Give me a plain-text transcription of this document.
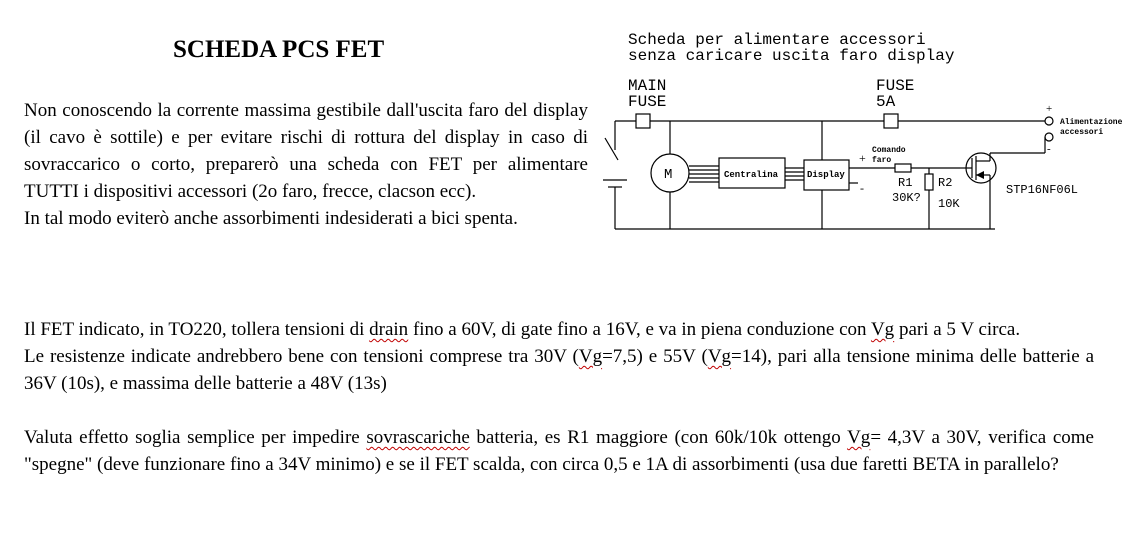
SCHEDA PCS FET

Non conoscendo la corrente massima gestibile dall'uscita faro del display (il cavo è sottile) e per evitare rischi di rottura del display in caso di sovraccarico o corto, preparerò una scheda con FET per alimentare TUTTI i dispositivi accessori (2o faro, frecce, clacson ecc).

In tal modo eviterò anche assorbimenti indesiderati a bici spenta.

Scheda per alimentare accessori
senza caricare uscita faro display
MAIN
FUSE
FUSE
5A
M	Centralina	Display
+
-
Comando
faro
R1
30K?
R2
10K
STP16NF06L
+
-
Alimentazione
accessori

Il FET indicato, in TO220, tollera tensioni di drain fino a 60V, di gate fino a 16V, e va in piena conduzione con Vg pari a 5 V circa.

Le resistenze indicate andrebbero bene con tensioni comprese tra 30V (Vg=7,5) e 55V (Vg=14), pari alla tensione minima delle batterie a 36V (10s), e massima delle batterie a 48V (13s)

Valuta effetto soglia semplice per impedire sovrascariche batteria, es R1 maggiore (con 60k/10k ottengo Vg= 4,3V a 30V, verifica come "spegne" (deve funzionare fino a 34V minimo) e se il FET scalda, con circa 0,5 e 1A di assorbimenti (usa due faretti BETA in parallelo?
